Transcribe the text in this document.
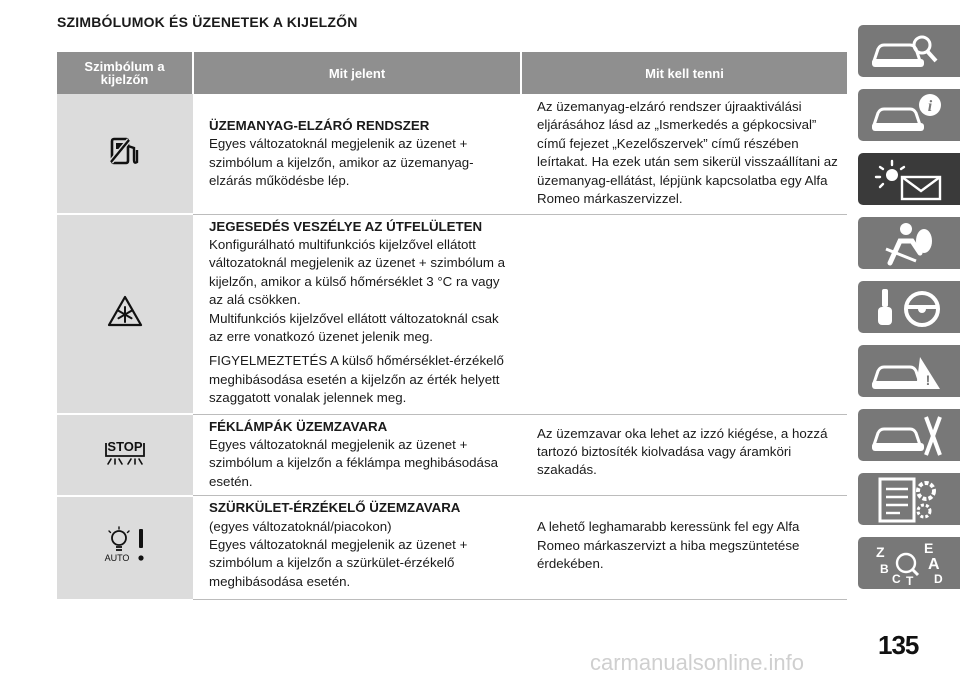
SZIMBÓLUMOK ÉS ÜZENETEK A KIJELZŐN
Szimbólum a kijelzőn	Mit jelent	Mit kell tenni

ÜZEMANYAG-ELZÁRÓ RENDSZER
Egyes változatoknál megjelenik az üzenet + szimbólum a kijelzőn, amikor az üzemanyag-elzárás működésbe lép.	Az üzemanyag-elzáró rendszer újraaktiválási eljárásához lásd az „Ismerkedés a gépkocsival” című fejezet „Kezelőszervek” című részében leírtakat. Ha ezek után sem sikerül visszaállítani az üzemanyag-ellátást, lépjünk kapcsolatba egy Alfa Romeo márkaszervizzel.

JEGESEDÉS VESZÉLYE AZ ÚTFELÜLETEN
Konfigurálható multifunkciós kijelzővel ellátott változatoknál megjelenik az üzenet + szimbólum a kijelzőn, amikor a külső hőmérséklet 3 °C ra vagy az alá csökken.
Multifunkciós kijelzővel ellátott változatoknál csak az erre vonatkozó üzenet jelenik meg.
FIGYELMEZTETÉS A külső hőmérséklet-érzékelő meghibásodása esetén a kijelzőn az érték helyett szaggatott vonalak jelennek meg.	

STOP	FÉKLÁMPÁK ÜZEMZAVARA
Egyes változatoknál megjelenik az üzenet + szimbólum a kijelzőn a féklámpa meghibásodása esetén.	Az üzemzavar oka lehet az izzó kiégése, a hozzá tartozó biztosíték kiolvadása vagy áramköri szakadás.

AUTO	SZÜRKÜLET-ÉRZÉKELŐ ÜZEMZAVARA
(egyes változatoknál/piacokon)
Egyes változatoknál megjelenik az üzenet + szimbólum a kijelzőn a szürkület-érzékelő meghibásodása esetén.	A lehető leghamarabb keressünk fel egy Alfa Romeo márkaszervizt a hiba megszüntetése érdekében.
i
!
Z	E
B A
C T D
135
carmanualsonline.info
